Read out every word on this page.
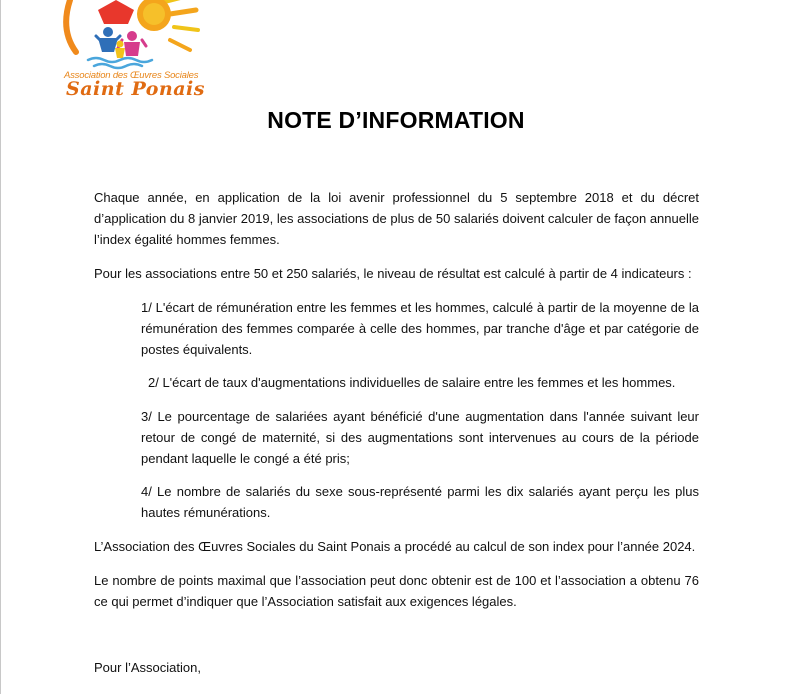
Association des Œuvres Sociales
Saint Ponais
NOTE D’INFORMATION

Chaque année, en application de la loi avenir professionnel du 5 septembre 2018 et du décret d’application du 8 janvier 2019, les associations de plus de 50 salariés doivent calculer de façon annuelle l’index égalité hommes femmes.

Pour les associations entre 50 et 250 salariés, le niveau de résultat est calculé à partir de 4 indicateurs :

1/ L'écart de rémunération entre les femmes et les hommes, calculé à partir de la moyenne de la rémunération des femmes comparée à celle des hommes, par tranche d'âge et par catégorie de postes équivalents.

2/ L'écart de taux d'augmentations individuelles de salaire entre les femmes et les hommes.

3/ Le pourcentage de salariées ayant bénéficié d'une augmentation dans l'année suivant leur retour de congé de maternité, si des augmentations sont intervenues au cours de la période pendant laquelle le congé a été pris;

4/ Le nombre de salariés du sexe sous-représenté parmi les dix salariés ayant perçu les plus hautes rémunérations.

L’Association des Œuvres Sociales du Saint Ponais a procédé au calcul de son index pour l’année 2024.

Le nombre de points maximal que l’association peut donc obtenir est de 100 et l’association a obtenu 76 ce qui permet d’indiquer que l’Association satisfait aux exigences légales.

Pour l’Association,
